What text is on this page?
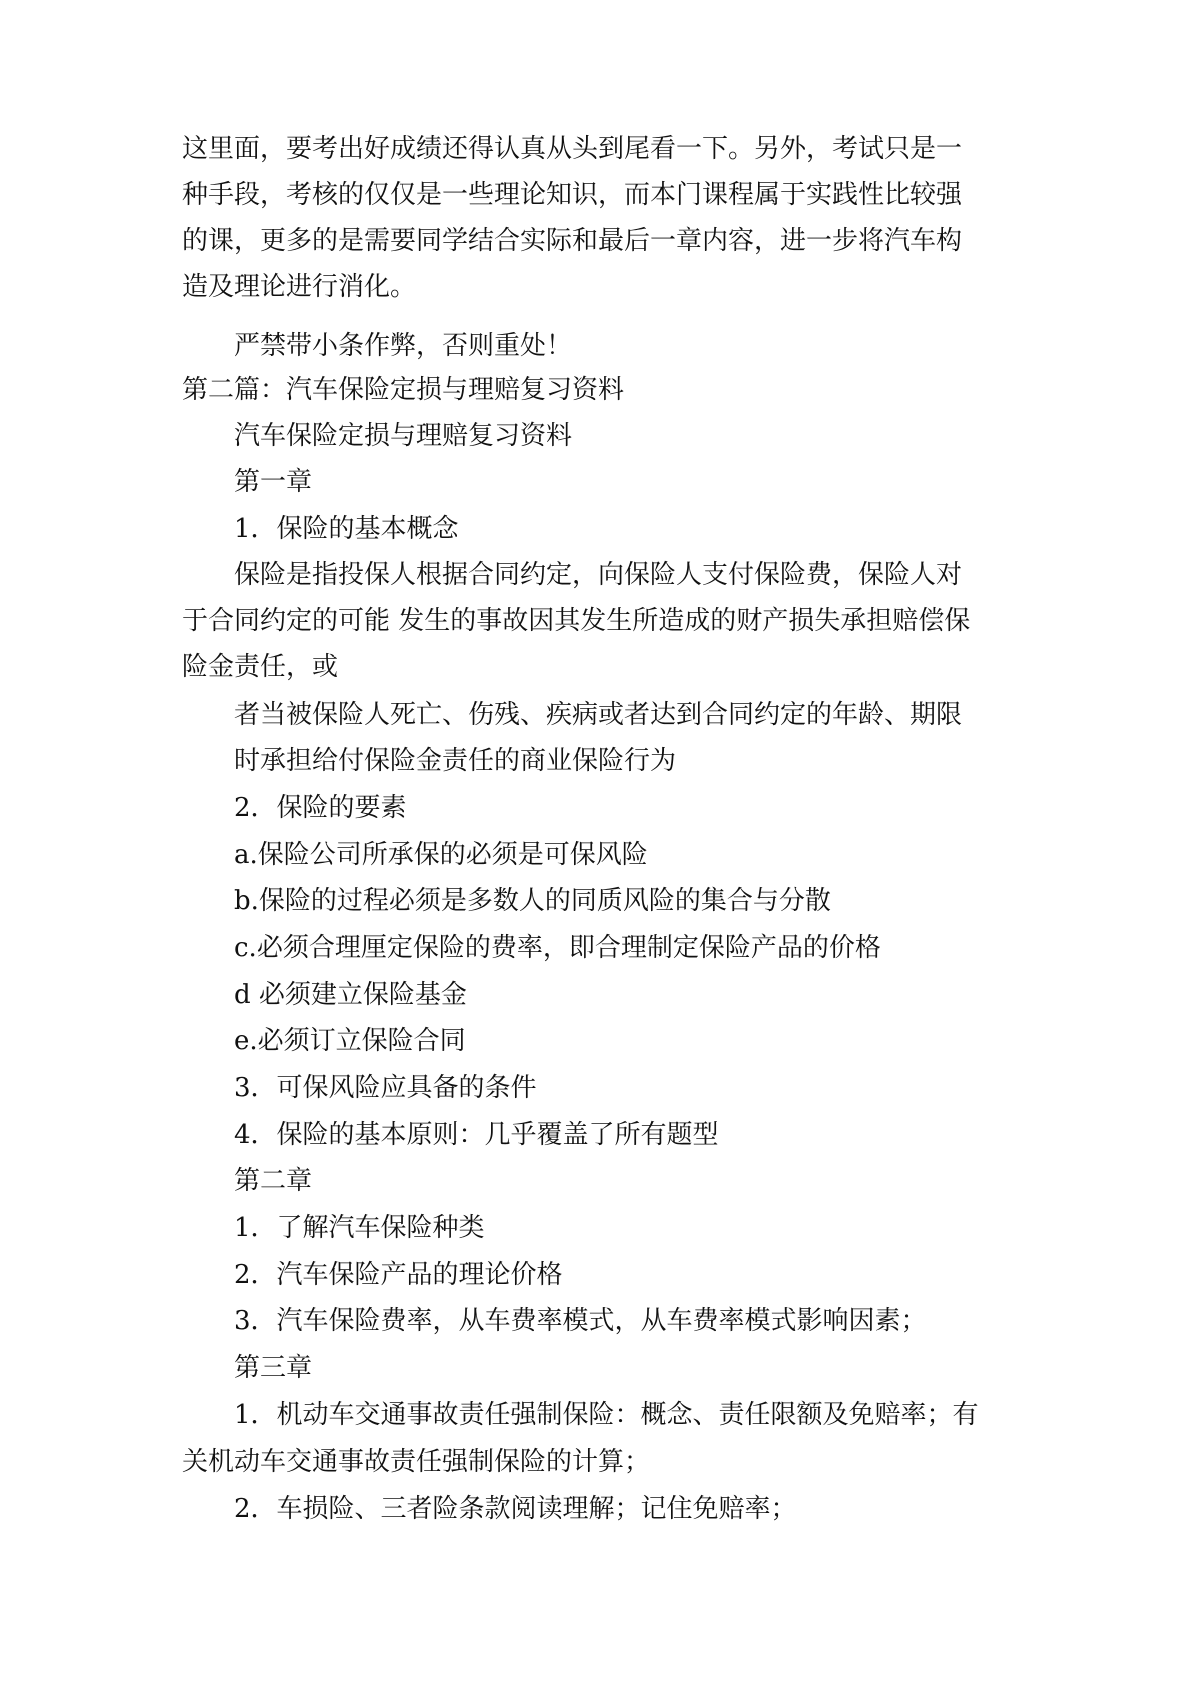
这里面，要考出好成绩还得认真从头到尾看一下。另外，考试只是一
种手段，考核的仅仅是一些理论知识，而本门课程属于实践性比较强
的课，更多的是需要同学结合实际和最后一章内容，进一步将汽车构
造及理论进行消化。
严禁带小条作弊，否则重处！
第二篇：汽车保险定损与理赔复习资料
汽车保险定损与理赔复习资料
第一章
1．保险的基本概念
保险是指投保人根据合同约定，向保险人支付保险费，保险人对
于合同约定的可能 发生的事故因其发生所造成的财产损失承担赔偿保
险金责任，或
者当被保险人死亡、伤残、疾病或者达到合同约定的年龄、期限
时承担给付保险金责任的商业保险行为
2．保险的要素
a.保险公司所承保的必须是可保风险
b.保险的过程必须是多数人的同质风险的集合与分散
c.必须合理厘定保险的费率，即合理制定保险产品的价格
d 必须建立保险基金
e.必须订立保险合同
3．可保风险应具备的条件
4．保险的基本原则：几乎覆盖了所有题型
第二章
1．了解汽车保险种类
2．汽车保险产品的理论价格
3．汽车保险费率，从车费率模式，从车费率模式影响因素；
第三章
1．机动车交通事故责任强制保险：概念、责任限额及免赔率；有
关机动车交通事故责任强制保险的计算；
2．车损险、三者险条款阅读理解；记住免赔率；
